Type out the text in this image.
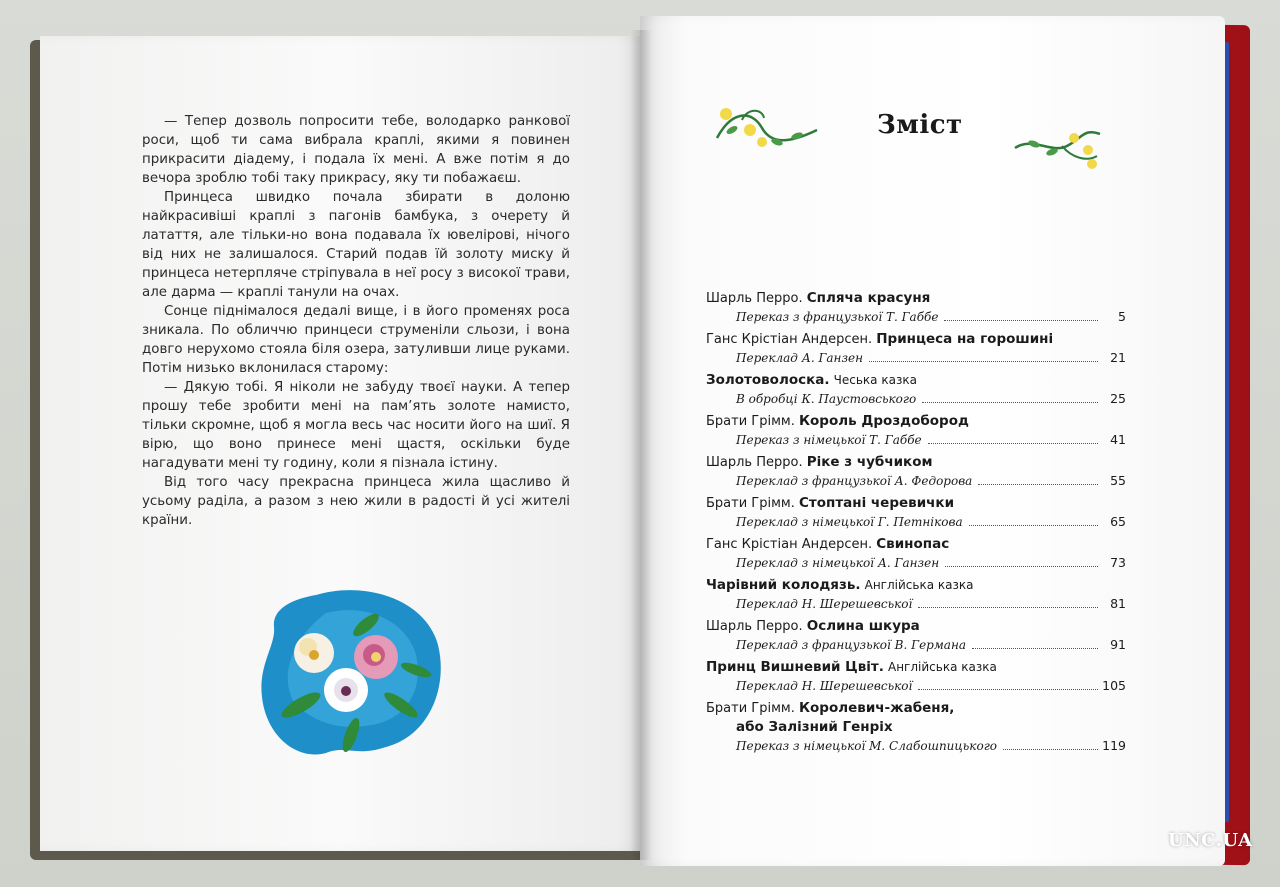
— Тепер дозволь попросити тебе, володарко ранкової роси, щоб ти сама вибрала краплі, якими я повинен прикрасити діадему, і подала їх мені. А вже потім я до вечора зроблю тобі таку прикрасу, яку ти побажаєш.

Принцеса швидко почала збирати в долоню найкрасивіші краплі з пагонів бамбука, з очерету й латаття, але тільки-но вона подавала їх ювелірові, нічого від них не залишалося. Старий подав їй золоту миску й принцеса нетерпляче стріпувала в неї росу з високої трави, але дарма — краплі танули на очах.

Сонце піднімалося дедалі вище, і в його променях роса зникала. По обличчю принцеси струменіли сльози, і вона довго нерухомо стояла біля озера, затуливши лице руками. Потім низько вклонилася старому:

— Дякую тобі. Я ніколи не забуду твоєї науки. А тепер прошу тебе зробити мені на пам’ять золоте намисто, тільки скромне, щоб я могла весь час носити його на шиї. Я вірю, що воно принесе мені щастя, оскільки буде нагадувати мені ту годину, коли я пізнала істину.

Від того часу прекрасна принцеса жила щасливо й усьому раділа, а разом з нею жили в радості й усі жителі країни.

Зміст
Шарль Перро. Спляча красуня
Переказ з французької Т. Габбе	5
Ганс Крістіан Андерсен. Принцеса на горошині
Переклад А. Ганзен	21
Золотоволоска. Чеська казка
В обробці К. Паустовського	25
Брати Грімм. Король Дроздобород
Переказ з німецької Т. Габбе	41
Шарль Перро. Ріке з чубчиком
Переклад з французької А. Федорова	55
Брати Грімм. Стоптані черевички
Переклад з німецької Г. Петнікова	65
Ганс Крістіан Андерсен. Свинопас
Переклад з німецької А. Ганзен	73
Чарівний колодязь. Англійська казка
Переклад Н. Шерешевської	81
Шарль Перро. Ослина шкура
Переклад з французької В. Германа	91
Принц Вишневий Цвіт. Англійська казка
Переклад Н. Шерешевської	105
Брати Грімм. Королевич-жабеня,
або Залізний Генріх
Переказ з німецької М. Слабошпицького	119
UNC.UA
